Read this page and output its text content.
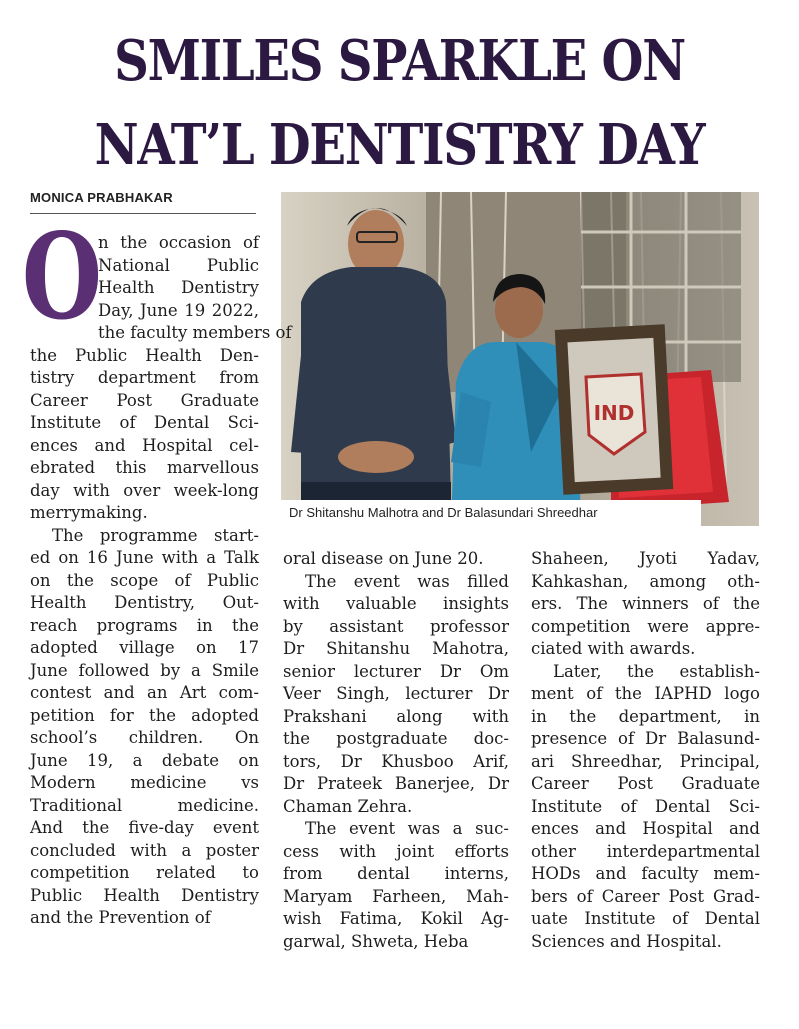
SMILES SPARKLE ON
NAT’L DENTISTRY DAY
MONICA PRABHAKAR
IND
Dr Shitanshu Malhotra and Dr Balasundari Shreedhar

O
n the occasion of
National Public
Health Dentistry
Day, June 19 2022,
the faculty members of
the Public Health Den-
tistry department from
Career Post Graduate
Institute of Dental Sci-
ences and Hospital cel-
ebrated this marvellous
day with over week-long
merrymaking.

The programme start-
ed on 16 June with a Talk
on the scope of Public
Health Dentistry, Out-
reach programs in the
adopted village on 17
June followed by a Smile
contest and an Art com-
petition for the adopted
school’s children. On
June 19, a debate on
Modern medicine vs
Traditional medicine.
And the five-day event
concluded with a poster
competition related to
Public Health Dentistry
and the Prevention of

oral disease on June 20.

The event was filled
with valuable insights
by assistant professor
Dr Shitanshu Mahotra,
senior lecturer Dr Om
Veer Singh, lecturer Dr
Prakshani along with
the postgraduate doc-
tors, Dr Khusboo Arif,
Dr Prateek Banerjee, Dr
Chaman Zehra.

The event was a suc-
cess with joint efforts
from dental interns,
Maryam Farheen, Mah-
wish Fatima, Kokil Ag-
garwal, Shweta, Heba

Shaheen, Jyoti Yadav,
Kahkashan, among oth-
ers. The winners of the
competition were appre-
ciated with awards.

Later, the establish-
ment of the IAPHD logo
in the department, in
presence of Dr Balasund-
ari Shreedhar, Principal,
Career Post Graduate
Institute of Dental Sci-
ences and Hospital and
other interdepartmental
HODs and faculty mem-
bers of Career Post Grad-
uate Institute of Dental
Sciences and Hospital.
